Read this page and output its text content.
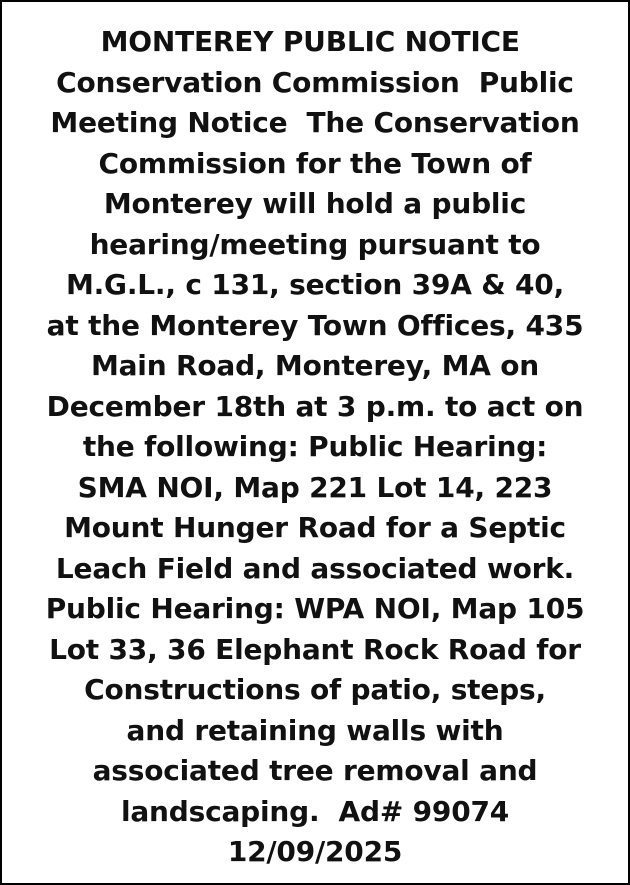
MONTEREY PUBLIC NOTICE
Conservation Commission  Public
Meeting Notice  The Conservation
Commission for the Town of
Monterey will hold a public
hearing/meeting pursuant to
M.G.L., c 131, section 39A & 40,
at the Monterey Town Offices, 435
Main Road, Monterey, MA on
December 18th at 3 p.m. to act on
the following: Public Hearing:
SMA NOI, Map 221 Lot 14, 223
Mount Hunger Road for a Septic
Leach Field and associated work.
Public Hearing: WPA NOI, Map 105
Lot 33, 36 Elephant Rock Road for
Constructions of patio, steps,
and retaining walls with
associated tree removal and
landscaping.  Ad# 99074
12/09/2025
